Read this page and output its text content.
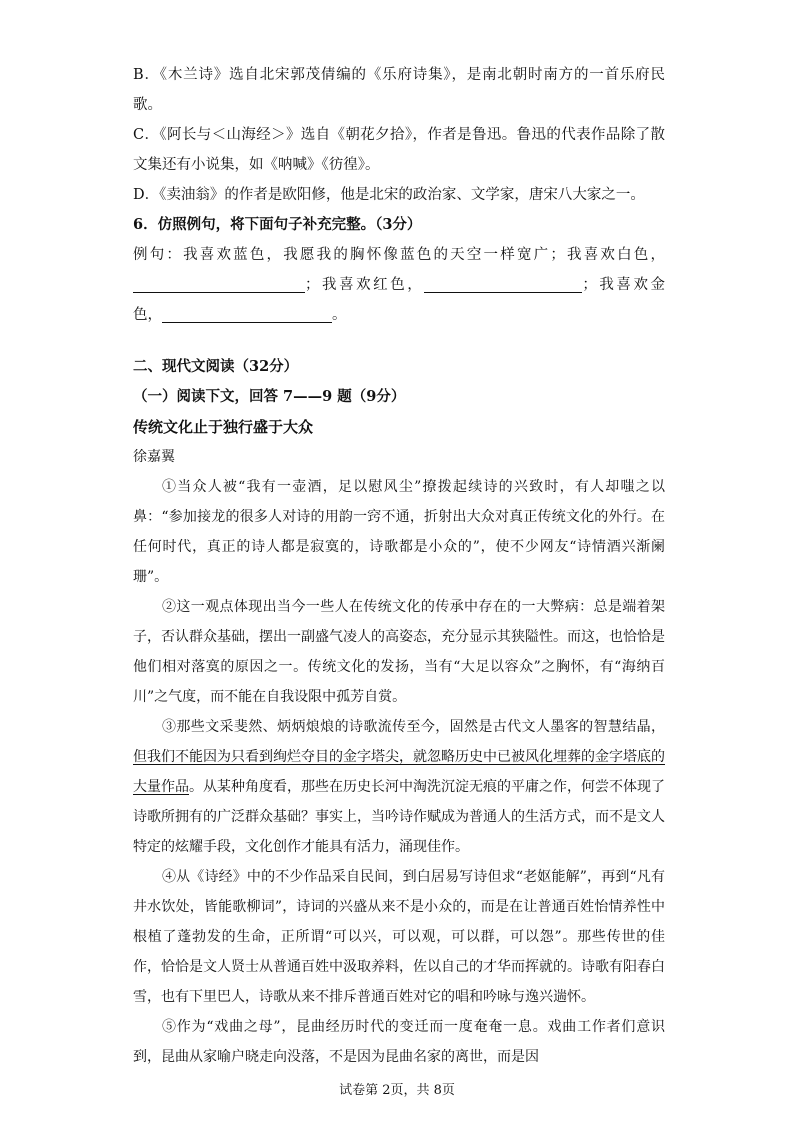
B．《木兰诗》选自北宋郭茂倩编的《乐府诗集》，是南北朝时南方的一首乐府民歌。

C．《阿长与＜山海经＞》选自《朝花夕拾》，作者是鲁迅。鲁迅的代表作品除了散文集还有小说集，如《呐喊》《彷徨》。

D．《卖油翁》的作者是欧阳修，他是北宋的政治家、文学家，唐宋八大家之一。

6．仿照例句，将下面句子补充完整。（3分）

例句：我喜欢蓝色，我愿我的胸怀像蓝色的天空一样宽广；我喜欢白色，；我喜欢红色，	；我喜欢金色，	。

二、现代文阅读（32分）

（一）阅读下文，回答 7——9 题（9分）

传统文化止于独行盛于大众

徐嘉翼

①当众人被“我有一壶酒，足以慰风尘”撩拨起续诗的兴致时，有人却嗤之以鼻：“参加接龙的很多人对诗的用韵一窍不通，折射出大众对真正传统文化的外行。在任何时代，真正的诗人都是寂寞的，诗歌都是小众的”，使不少网友“诗情酒兴渐阑珊”。

②这一观点体现出当今一些人在传统文化的传承中存在的一大弊病：总是端着架子，否认群众基础，摆出一副盛气凌人的高姿态，充分显示其狭隘性。而这，也恰恰是他们相对落寞的原因之一。传统文化的发扬，当有“大足以容众”之胸怀，有“海纳百川”之气度，而不能在自我设限中孤芳自赏。

③那些文采斐然、炳炳烺烺的诗歌流传至今，固然是古代文人墨客的智慧结晶，但我们不能因为只看到绚烂夺目的金字塔尖，就忽略历史中已被风化埋葬的金字塔底的大量作品。从某种角度看，那些在历史长河中淘洗沉淀无痕的平庸之作，何尝不体现了诗歌所拥有的广泛群众基础？事实上，当吟诗作赋成为普通人的生活方式，而不是文人特定的炫耀手段，文化创作才能具有活力，涌现佳作。

④从《诗经》中的不少作品采自民间，到白居易写诗但求“老妪能解”，再到“凡有井水饮处，皆能歌柳词”，诗词的兴盛从来不是小众的，而是在让普通百姓怡情养性中根植了蓬勃发的生命，正所谓“可以兴，可以观，可以群，可以怨”。那些传世的佳作，恰恰是文人贤士从普通百姓中汲取养料，佐以自己的才华而挥就的。诗歌有阳春白雪，也有下里巴人，诗歌从来不排斥普通百姓对它的唱和吟咏与逸兴遄怀。

⑤作为“戏曲之母”，昆曲经历时代的变迁而一度奄奄一息。戏曲工作者们意识到，昆曲从家喻户晓走向没落，不是因为昆曲名家的离世，而是因

试卷第 2页，共 8页
